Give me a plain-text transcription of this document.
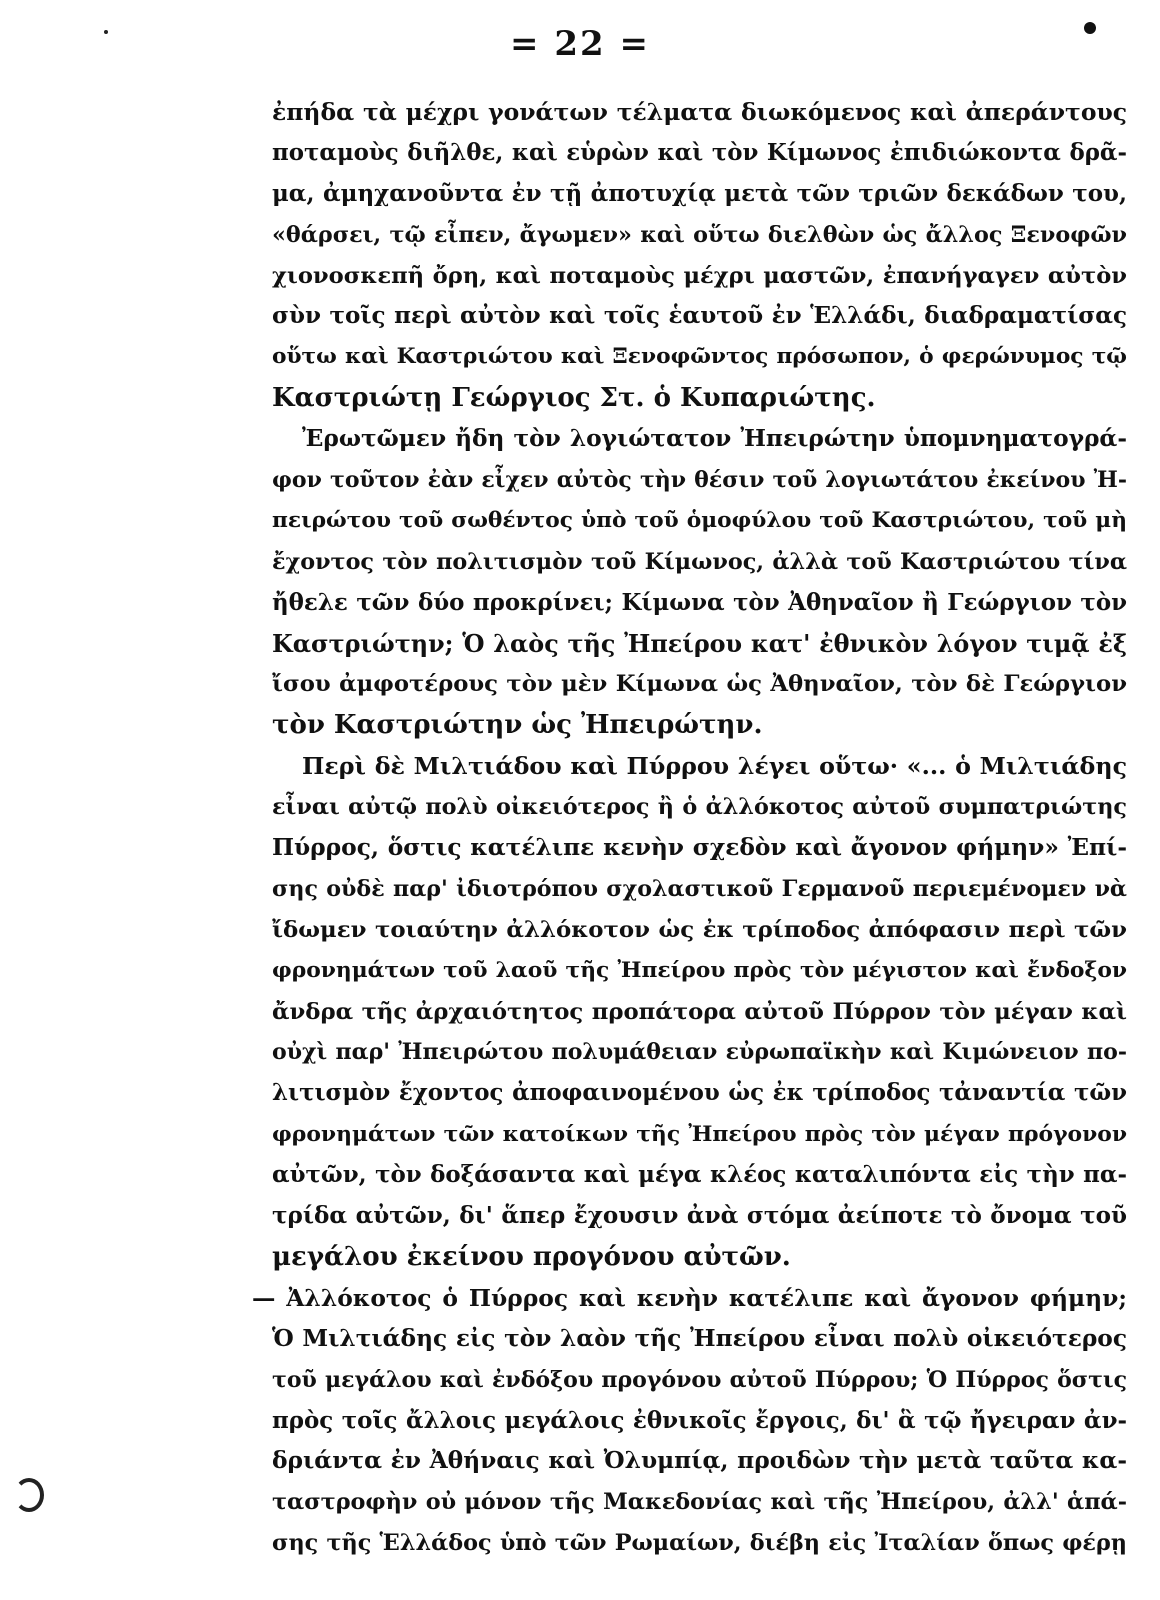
= 22 =
ἐπήδα τὰ μέχρι γονάτων τέλματα διωκόμενος καὶ ἀπεράντους
ποταμοὺς διῆλθε, καὶ εὑρὼν καὶ τὸν Κίμωνος ἐπιδιώκοντα δρᾶ-
μα, ἀμηχανοῦντα ἐν τῇ ἀποτυχίᾳ μετὰ τῶν τριῶν δεκάδων του,
«θάρσει, τῷ εἶπεν, ἄγωμεν» καὶ οὕτω διελθὼν ὡς ἄλλος Ξενοφῶν
χιονοσκεπῆ ὄρη, καὶ ποταμοὺς μέχρι μαστῶν, ἐπανήγαγεν αὐτὸν
σὺν τοῖς περὶ αὐτὸν καὶ τοῖς ἑαυτοῦ ἐν Ἑλλάδι, διαδραματίσας
οὕτω καὶ Καστριώτου καὶ Ξενοφῶντος πρόσωπον, ὁ φερώνυμος τῷ
Καστριώτῃ Γεώργιος Στ. ὁ Κυπαριώτης.
Ἐρωτῶμεν ἤδη τὸν λογιώτατον Ἠπειρώτην ὑπομνηματογρά-
φον τοῦτον ἐὰν εἶχεν αὐτὸς τὴν θέσιν τοῦ λογιωτάτου ἐκείνου Ἠ-
πειρώτου τοῦ σωθέντος ὑπὸ τοῦ ὁμοφύλου τοῦ Καστριώτου, τοῦ μὴ
ἔχοντος τὸν πολιτισμὸν τοῦ Κίμωνος, ἀλλὰ τοῦ Καστριώτου τίνα
ἤθελε τῶν δύο προκρίνει; Κίμωνα τὸν Ἀθηναῖον ἢ Γεώργιον τὸν
Καστριώτην; Ὁ λαὸς τῆς Ἠπείρου κατ' ἐθνικὸν λόγον τιμᾷ ἐξ
ἴσου ἀμφοτέρους τὸν μὲν Κίμωνα ὡς Ἀθηναῖον, τὸν δὲ Γεώργιον
τὸν Καστριώτην ὡς Ἠπειρώτην.
Περὶ δὲ Μιλτιάδου καὶ Πύρρου λέγει οὕτω· «... ὁ Μιλτιάδης
εἶναι αὐτῷ πολὺ οἰκειότερος ἢ ὁ ἀλλόκοτος αὐτοῦ συμπατριώτης
Πύρρος, ὅστις κατέλιπε κενὴν σχεδὸν καὶ ἄγονον φήμην» Ἐπί-
σης οὐδὲ παρ' ἰδιοτρόπου σχολαστικοῦ Γερμανοῦ περιεμένομεν νὰ
ἴδωμεν τοιαύτην ἀλλόκοτον ὡς ἐκ τρίποδος ἀπόφασιν περὶ τῶν
φρονημάτων τοῦ λαοῦ τῆς Ἠπείρου πρὸς τὸν μέγιστον καὶ ἔνδοξον
ἄνδρα τῆς ἀρχαιότητος προπάτορα αὐτοῦ Πύρρον τὸν μέγαν καὶ
οὐχὶ παρ' Ἠπειρώτου πολυμάθειαν εὐρωπαϊκὴν καὶ Κιμώνειον πο-
λιτισμὸν ἔχοντος ἀποφαινομένου ὡς ἐκ τρίποδος τἀναντία τῶν
φρονημάτων τῶν κατοίκων τῆς Ἠπείρου πρὸς τὸν μέγαν πρόγονον
αὐτῶν, τὸν δοξάσαντα καὶ μέγα κλέος καταλιπόντα εἰς τὴν πα-
τρίδα αὐτῶν, δι' ἅπερ ἔχουσιν ἀνὰ στόμα ἀείποτε τὸ ὄνομα τοῦ
μεγάλου ἐκείνου προγόνου αὐτῶν.
— Ἀλλόκοτος ὁ Πύρρος καὶ κενὴν κατέλιπε καὶ ἄγονον φήμην;
Ὁ Μιλτιάδης εἰς τὸν λαὸν τῆς Ἠπείρου εἶναι πολὺ οἰκειότερος
τοῦ μεγάλου καὶ ἐνδόξου προγόνου αὐτοῦ Πύρρου; Ὁ Πύρρος ὅστις
πρὸς τοῖς ἄλλοις μεγάλοις ἐθνικοῖς ἔργοις, δι' ἃ τῷ ἤγειραν ἀν-
δριάντα ἐν Ἀθήναις καὶ Ὀλυμπίᾳ, προιδὼν τὴν μετὰ ταῦτα κα-
ταστροφὴν οὐ μόνον τῆς Μακεδονίας καὶ τῆς Ἠπείρου, ἀλλ' ἁπά-
σης τῆς Ἑλλάδος ὑπὸ τῶν Ρωμαίων, διέβη εἰς Ἰταλίαν ὅπως φέρῃ
